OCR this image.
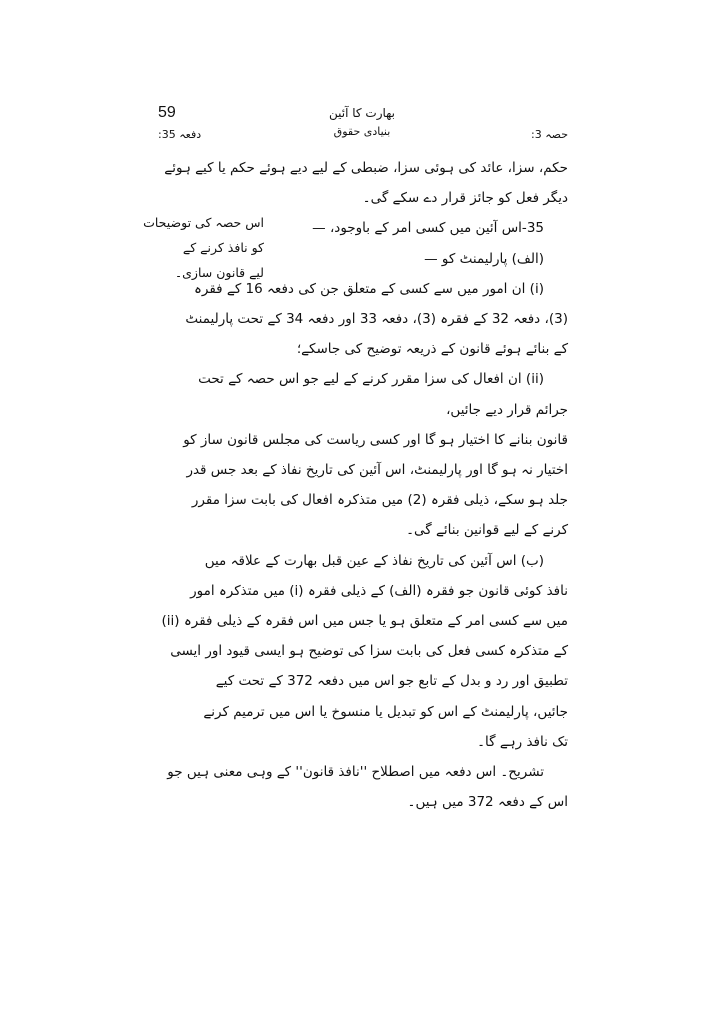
59
دفعہ 35:
بھارت کا آئین
بنیادی حقوق	حصہ 3:
اس حصہ کی توضیحات
کو نافذ کرنے کے
لیے قانون سازی۔
حکم، سزا، عائد کی ہوئی سزا، ضبطی کے لیے دیے ہوئے حکم یا کیے ہوئے
دیگر فعل کو جائز قرار دے سکے گی۔
35-اس آئین میں کسی امر کے باوجود، —
(الف) پارلیمنٹ کو —
(i) ان امور میں سے کسی کے متعلق جن کی دفعہ 16 کے فقرہ
(3)، دفعہ 32 کے فقرہ (3)، دفعہ 33 اور دفعہ 34 کے تحت پارلیمنٹ
کے بنائے ہوئے قانون کے ذریعہ توضیح کی جاسکے؛
(ii) ان افعال کی سزا مقرر کرنے کے لیے جو اس حصہ کے تحت
جرائم قرار دیے جائیں،
قانون بنانے کا اختیار ہو گا اور کسی ریاست کی مجلس قانون ساز کو
اختیار نہ ہو گا اور پارلیمنٹ، اس آئین کی تاریخ نفاذ کے بعد جس قدر
جلد ہو سکے، ذیلی فقرہ (2) میں متذکرہ افعال کی بابت سزا مقرر
کرنے کے لیے قوانین بنائے گی۔
(ب) اس آئین کی تاریخ نفاذ کے عین قبل بھارت کے علاقہ میں
نافذ کوئی قانون جو فقرہ (الف) کے ذیلی فقرہ (i) میں متذکرہ امور
میں سے کسی امر کے متعلق ہو یا جس میں اس فقرہ کے ذیلی فقرہ (ii)
کے متذکرہ کسی فعل کی بابت سزا کی توضیح ہو ایسی قیود اور ایسی
تطبیق اور رد و بدل کے تابع جو اس میں دفعہ 372 کے تحت کیے
جائیں، پارلیمنٹ کے اس کو تبدیل یا منسوخ یا اس میں ترمیم کرنے
تک نافذ رہے گا۔
تشریح۔ اس دفعہ میں اصطلاح ''نافذ قانون'' کے وہی معنی ہیں جو
اس کے دفعہ 372 میں ہیں۔
